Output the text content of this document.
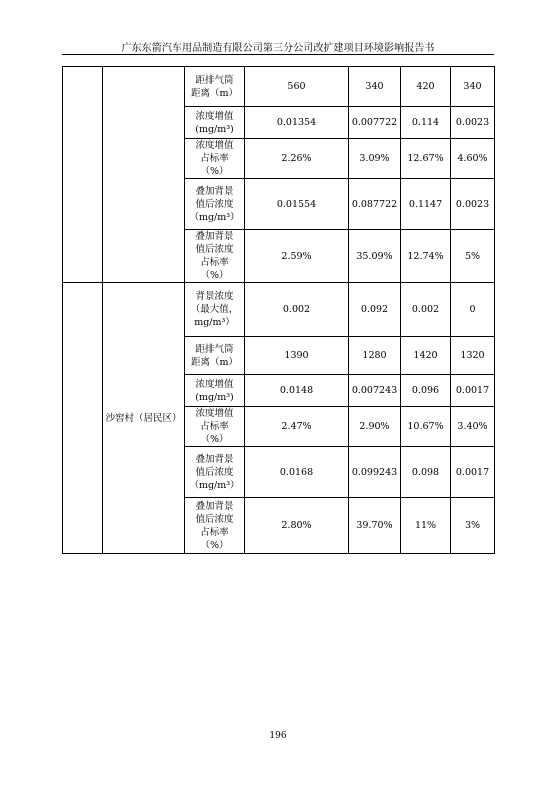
广东东箭汽车用品制造有限公司第三分公司改扩建项目环境影响报告书

		距排气筒
距离（m）	560	340	420	340

		浓度增值
(mg/m³)	0.01354	0.007722	0.114	0.0023

		浓度增值
占标率
（%）	2.26%	3.09%	12.67%	4.60%

		叠加背景
值后浓度
（mg/m³）	0.01554	0.087722	0.1147	0.0023

		叠加背景
值后浓度
占标率
（%）	2.59%	35.09%	12.74%	5%
	沙窖村（居民区）	背景浓度
（最大值，
mg/m³）	0.002	0.092	0.002	0

		距排气筒
距离（m）	1390	1280	1420	1320

		浓度增值
(mg/m³)	0.0148	0.007243	0.096	0.0017

		浓度增值
占标率
（%）	2.47%	2.90%	10.67%	3.40%

		叠加背景
值后浓度
（mg/m³）	0.0168	0.099243	0.098	0.0017

		叠加背景
值后浓度
占标率
（%）	2.80%	39.70%	11%	3%
196
